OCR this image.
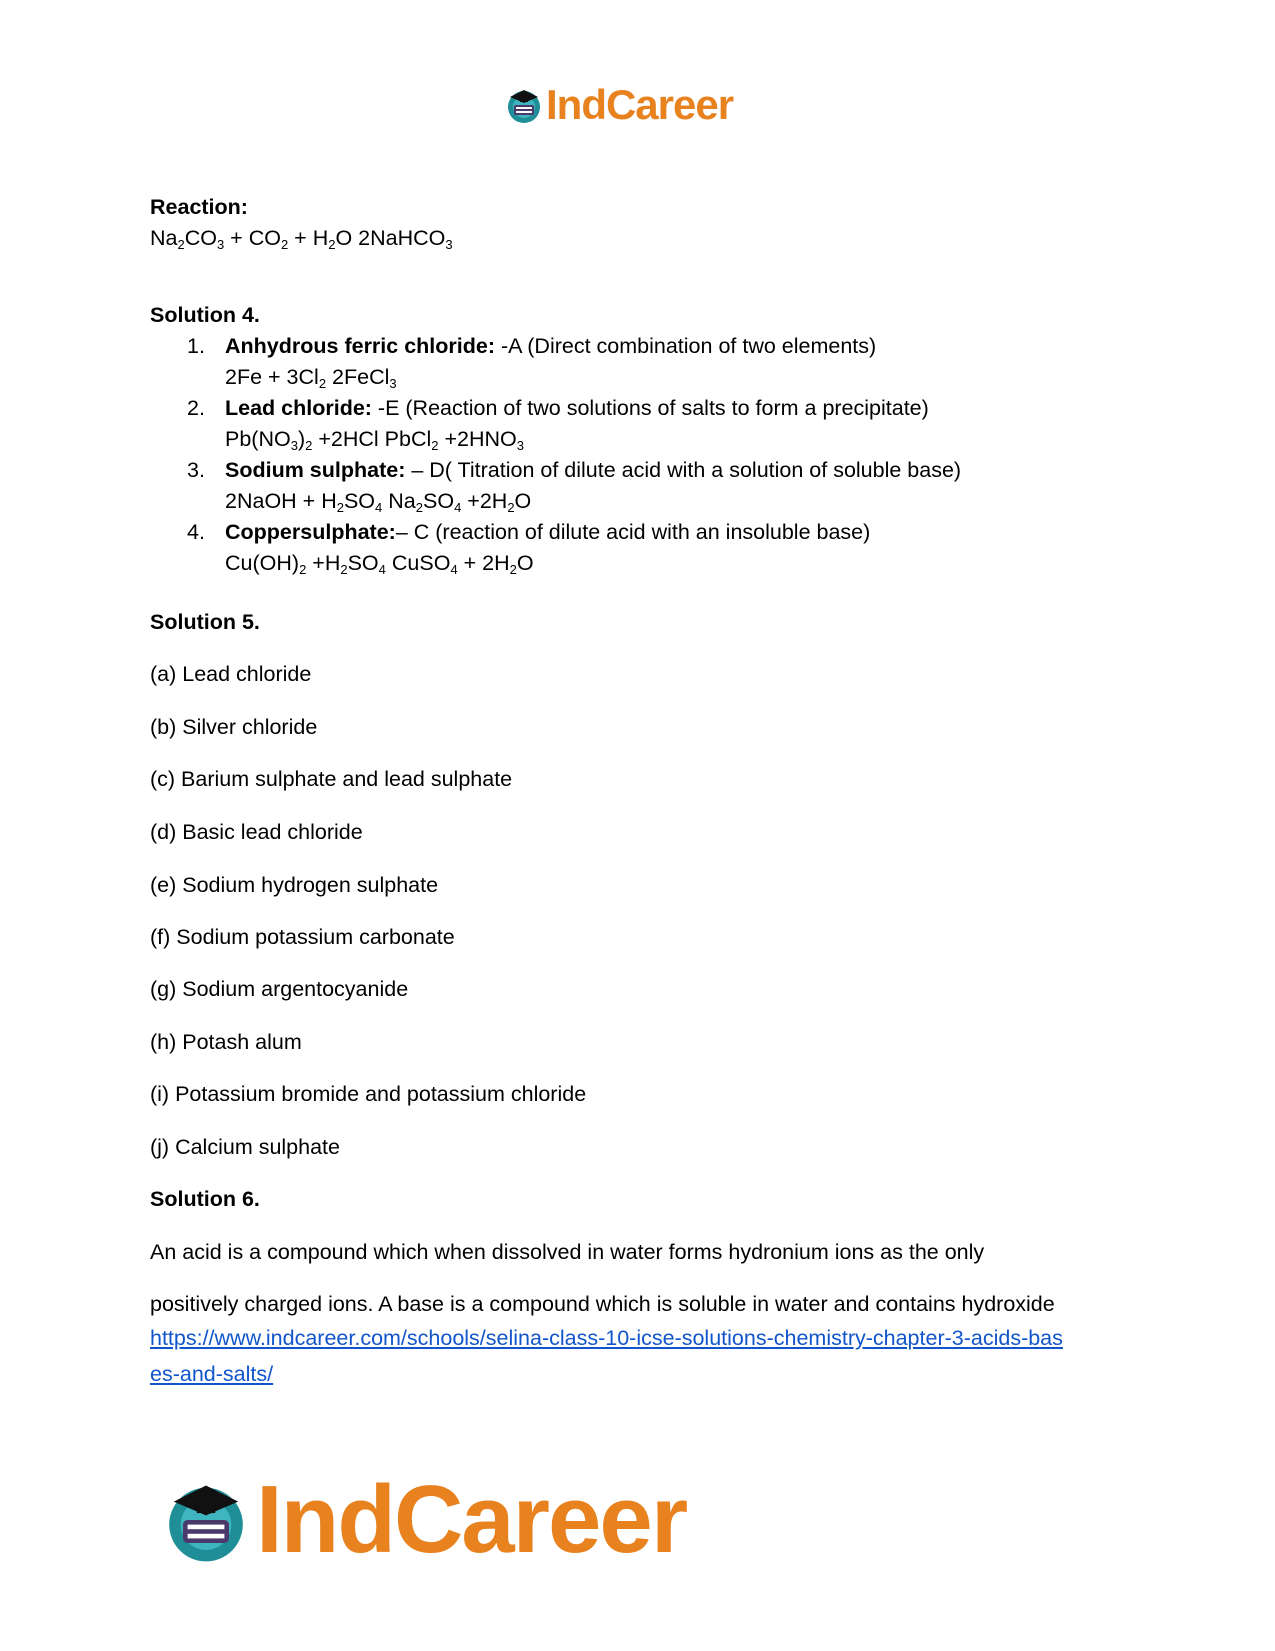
IndCareer

Reaction:

$Na_2CO_3 + CO_2 + H_2O$ 2NaHCO$_3$

Solution 4.

1. Anhydrous ferric chloride: -A (Direct combination of two elements)
$2Fe + 3Cl_2$ 2FeCl$_3$
2. Lead chloride: -E (Reaction of two solutions of salts to form a precipitate)
$Pb(NO_3)_2 +2HCl$ PbCl$_2$ $+2HNO_3$
3. Sodium sulphate: – D( Titration of dilute acid with a solution of soluble base)
2NaOH + $H_2SO_4$ $Na_2SO_4 +2H_2O$
4. Coppersulphate:– C (reaction of dilute acid with an insoluble base)
$Cu(OH)_2 +H_2SO_4$ CuSO$_4$ + $2H_2O$

Solution 5.

(a) Lead chloride

(b) Silver chloride

(c) Barium sulphate and lead sulphate

(d) Basic lead chloride

(e) Sodium hydrogen sulphate

(f) Sodium potassium carbonate

(g) Sodium argentocyanide

(h) Potash alum

(i) Potassium bromide and potassium chloride

(j) Calcium sulphate

Solution 6.

An acid is a compound which when dissolved in water forms hydronium ions as the only

positively charged ions. A base is a compound which is soluble in water and contains hydroxide

https://www.indcareer.com/schools/selina-class-10-icse-solutions-chemistry-chapter-3-acids-bas
es-and-salts/
IndCareer
